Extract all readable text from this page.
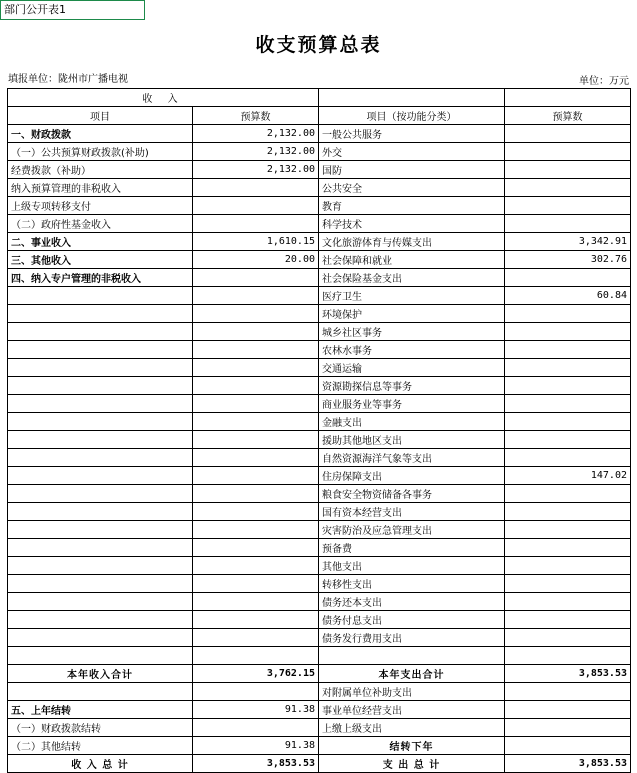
部门公开表1
收支预算总表
填报单位：陇州市广播电视	单位：万元
收 入			
项目	预算数	项目（按功能分类）	预算数
一、财政拨款	2,132.00	一般公共服务	
（一）公共预算财政拨款(补助)	2,132.00	外交	
经费拨款（补助）	2,132.00	国防	
纳入预算管理的非税收入		公共安全	
上级专项转移支付		教育	
（二）政府性基金收入		科学技术	
二、事业收入	1,610.15	文化旅游体育与传媒支出	3,342.91
三、其他收入	20.00	社会保障和就业	302.76
四、纳入专户管理的非税收入		社会保险基金支出	
		医疗卫生	60.84
		环境保护	
		城乡社区事务	
		农林水事务	
		交通运输	
		资源勘探信息等事务	
		商业服务业等事务	
		金融支出	
		援助其他地区支出	
		自然资源海洋气象等支出	
		住房保障支出	147.02
		粮食安全物资储备各事务	
		国有资本经营支出	
		灾害防治及应急管理支出	
		预备费	
		其他支出	
		转移性支出	
		债务还本支出	
		债务付息支出	
		债务发行费用支出	

本年收入合计	3,762.15	本年支出合计	3,853.53
		对附属单位补助支出	
五、上年结转	91.38	事业单位经营支出	
（一）财政拨款结转		上缴上级支出	
（二）其他结转	91.38	结转下年	
收 入 总 计	3,853.53	支 出 总 计	3,853.53
